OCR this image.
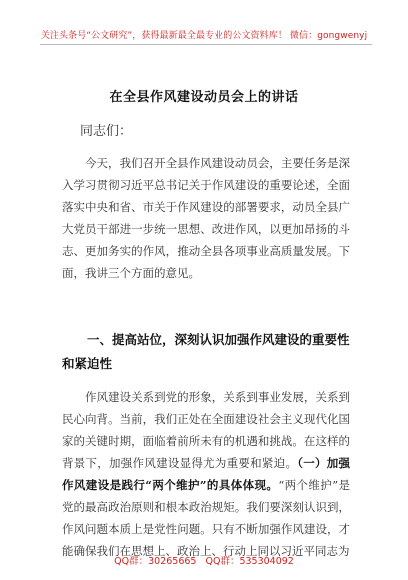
关注头条号“公文研究”，获得最新最全最专业的公文资料库！ 微信：gongwenyj
在全县作风建设动员会上的讲话
同志们：

今天，我们召开全县作风建设动员会，主要任务是深入学习贯彻习近平总书记关于作风建设的重要论述，全面落实中央和省、市关于作风建设的部署要求，动员全县广大党员干部进一步统一思想、改进作风，以更加昂扬的斗志、更加务实的作风，推动全县各项事业高质量发展。下面，我讲三个方面的意见。

一、提高站位，深刻认识加强作风建设的重要性和紧迫性

作风建设关系到党的形象，关系到事业发展，关系到民心向背。当前，我们正处在全面建设社会主义现代化国家的关键时期，面临着前所未有的机遇和挑战。在这样的背景下，加强作风建设显得尤为重要和紧迫。（一）加强作风建设是践行“两个维护”的具体体现。“两个维护”是党的最高政治原则和根本政治规矩。我们要深刻认识到，作风问题本质上是党性问题。只有不断加强作风建设，才能确保我们在思想上、政治上、行动上同以习近平同志为

QQ群：30265665 QQ群：535304092
